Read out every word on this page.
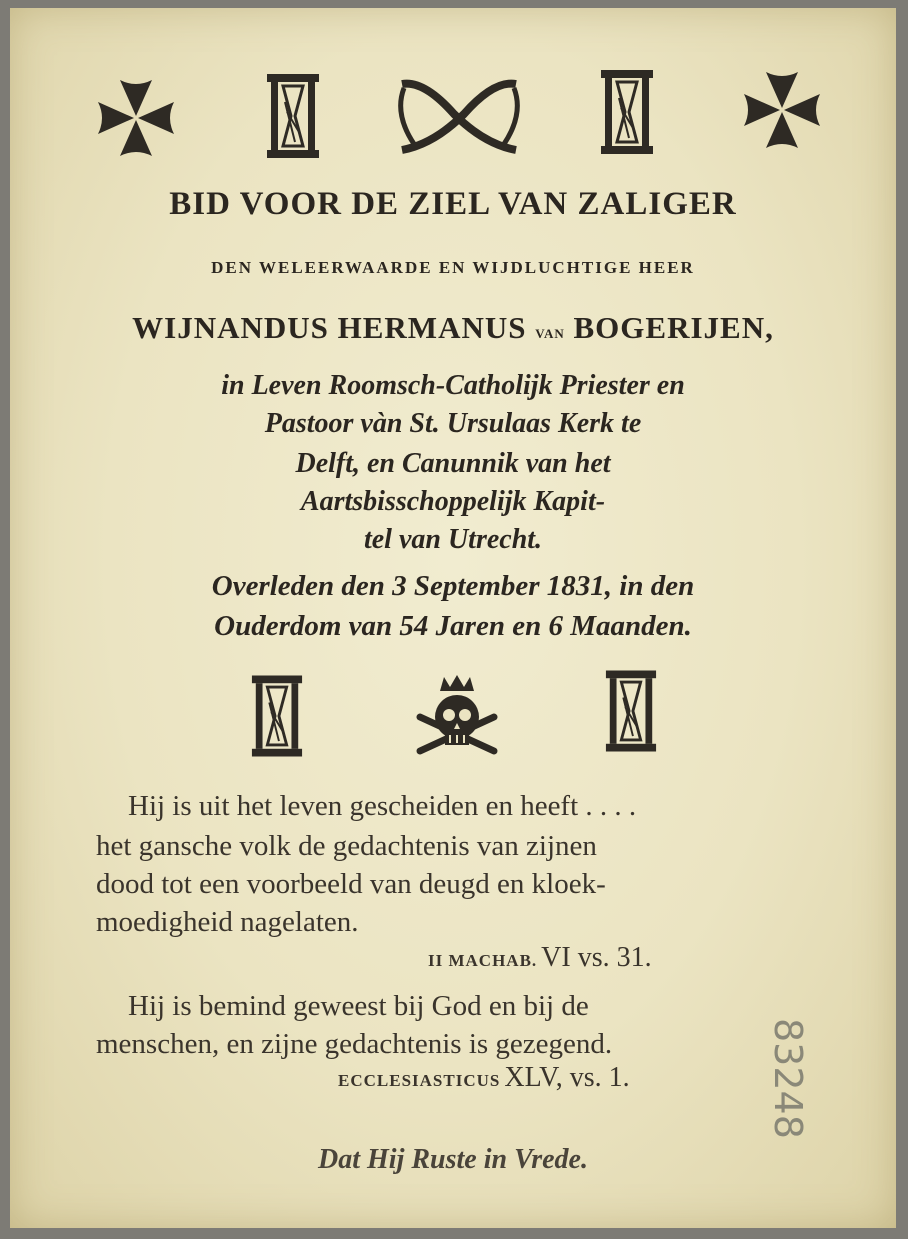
BID VOOR DE ZIEL VAN ZALIGER
DEN WELEERWAARDE EN WIJDLUCHTIGE HEER
WIJNANDUS HERMANUS van BOGERIJEN,
in Leven Roomsch-Catholijk Priester en
Pastoor vàn St. Ursulaas Kerk te
Delft, en Canunnik van het
Aartsbisschoppelijk Kapit-
tel van Utrecht.
Overleden den 3 September 1831, in den
Ouderdom van 54 Jaren en 6 Maanden.
Hij is uit het leven gescheiden en heeft . . . .
het gansche volk de gedachtenis van zijnen
dood tot een voorbeeld van deugd en kloek-
moedigheid nagelaten.
II MACHAB. VI vs. 31.
Hij is bemind geweest bij God en bij de
menschen, en zijne gedachtenis is gezegend.
ECCLESIASTICUS XLV, vs. 1.
Dat Hij Ruste in Vrede.
83248
